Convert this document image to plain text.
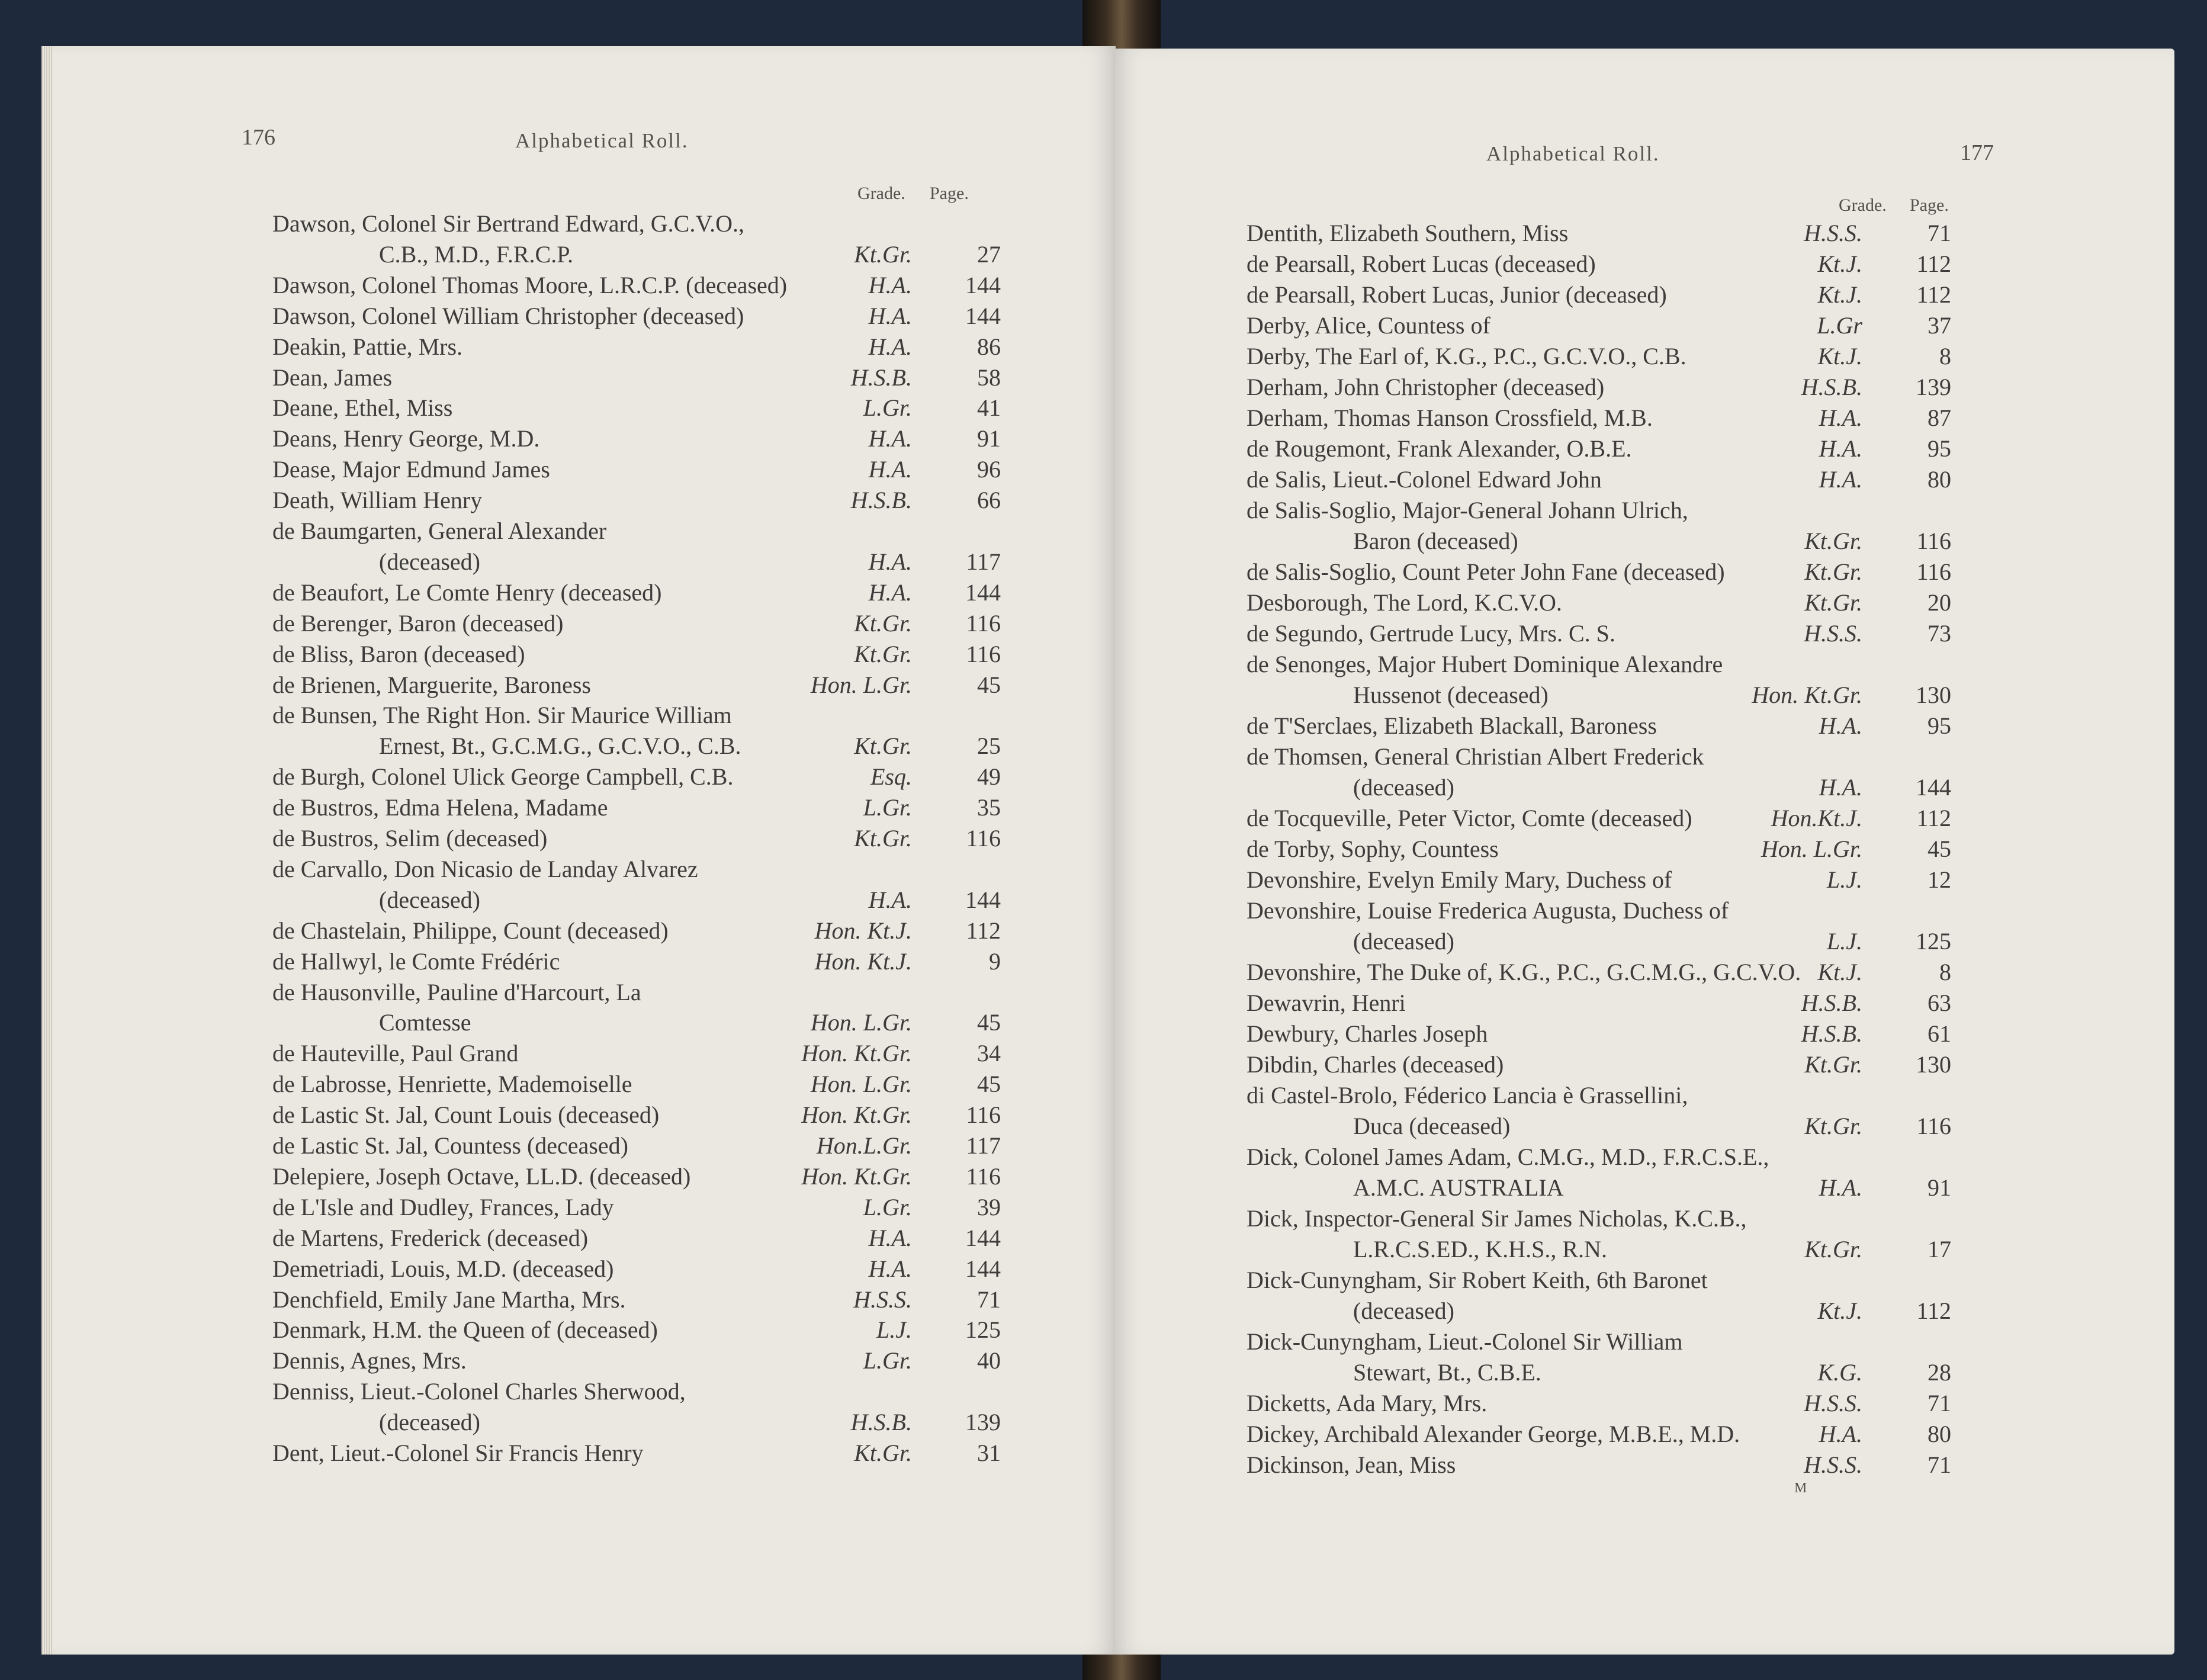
176	Alphabetical Roll.
Grade. Page.
Alphabetical Roll.	177
Grade. Page.
Dawson, Colonel Sir Bertrand Edward, G.C.V.O.,
C.B., M.D., F.R.C.P.	Kt.Gr.	27
Dawson, Colonel Thomas Moore, L.R.C.P. (deceased)	H.A.	144
Dawson, Colonel William Christopher (deceased)	H.A.	144
Deakin, Pattie, Mrs.	H.A.	86
Dean, James	H.S.B.	58
Deane, Ethel, Miss	L.Gr.	41
Deans, Henry George, M.D.	H.A.	91
Dease, Major Edmund James	H.A.	96
Death, William Henry	H.S.B.	66
de Baumgarten, General Alexander
(deceased)	H.A.	117
de Beaufort, Le Comte Henry (deceased)	H.A.	144
de Berenger, Baron (deceased)	Kt.Gr.	116
de Bliss, Baron (deceased)	Kt.Gr.	116
de Brienen, Marguerite, Baroness	Hon. L.Gr.	45
de Bunsen, The Right Hon. Sir Maurice William
Ernest, Bt., G.C.M.G., G.C.V.O., C.B.	Kt.Gr.	25
de Burgh, Colonel Ulick George Campbell, C.B.	Esq.	49
de Bustros, Edma Helena, Madame	L.Gr.	35
de Bustros, Selim (deceased)	Kt.Gr.	116
de Carvallo, Don Nicasio de Landay Alvarez
(deceased)	H.A.	144
de Chastelain, Philippe, Count (deceased)	Hon. Kt.J.	112
de Hallwyl, le Comte Frédéric	Hon. Kt.J.	9
de Hausonville, Pauline d'Harcourt, La
Comtesse	Hon. L.Gr.	45
de Hauteville, Paul Grand	Hon. Kt.Gr.	34
de Labrosse, Henriette, Mademoiselle	Hon. L.Gr.	45
de Lastic St. Jal, Count Louis (deceased)	Hon. Kt.Gr.	116
de Lastic St. Jal, Countess (deceased)	Hon.L.Gr.	117
Delepiere, Joseph Octave, LL.D. (deceased)	Hon. Kt.Gr.	116
de L'Isle and Dudley, Frances, Lady	L.Gr.	39
de Martens, Frederick (deceased)	H.A.	144
Demetriadi, Louis, M.D. (deceased)	H.A.	144
Denchfield, Emily Jane Martha, Mrs.	H.S.S.	71
Denmark, H.M. the Queen of (deceased)	L.J.	125
Dennis, Agnes, Mrs.	L.Gr.	40
Denniss, Lieut.-Colonel Charles Sherwood,
(deceased)	H.S.B.	139
Dent, Lieut.-Colonel Sir Francis Henry	Kt.Gr.	31
Dentith, Elizabeth Southern, Miss	H.S.S.	71
de Pearsall, Robert Lucas (deceased)	Kt.J.	112
de Pearsall, Robert Lucas, Junior (deceased)	Kt.J.	112
Derby, Alice, Countess of	L.Gr	37
Derby, The Earl of, K.G., P.C., G.C.V.O., C.B.	Kt.J.	8
Derham, John Christopher (deceased)	H.S.B.	139
Derham, Thomas Hanson Crossfield, M.B.	H.A.	87
de Rougemont, Frank Alexander, O.B.E.	H.A.	95
de Salis, Lieut.-Colonel Edward John	H.A.	80
de Salis-Soglio, Major-General Johann Ulrich,
Baron (deceased)	Kt.Gr.	116
de Salis-Soglio, Count Peter John Fane (deceased)	Kt.Gr.	116
Desborough, The Lord, K.C.V.O.	Kt.Gr.	20
de Segundo, Gertrude Lucy, Mrs. C. S.	H.S.S.	73
de Senonges, Major Hubert Dominique Alexandre
Hussenot (deceased)	Hon. Kt.Gr.	130
de T'Serclaes, Elizabeth Blackall, Baroness	H.A.	95
de Thomsen, General Christian Albert Frederick
(deceased)	H.A.	144
de Tocqueville, Peter Victor, Comte (deceased)	Hon.Kt.J.	112
de Torby, Sophy, Countess	Hon. L.Gr.	45
Devonshire, Evelyn Emily Mary, Duchess of	L.J.	12
Devonshire, Louise Frederica Augusta, Duchess of
(deceased)	L.J.	125
Devonshire, The Duke of, K.G., P.C., G.C.M.G., G.C.V.O. Kt.J.	8
Dewavrin, Henri	H.S.B.	63
Dewbury, Charles Joseph	H.S.B.	61
Dibdin, Charles (deceased)	Kt.Gr.	130
di Castel-Brolo, Féderico Lancia è Grassellini,
Duca (deceased)	Kt.Gr.	116
Dick, Colonel James Adam, C.M.G., M.D., F.R.C.S.E.,
A.M.C. AUSTRALIA	H.A.	91
Dick, Inspector-General Sir James Nicholas, K.C.B.,
L.R.C.S.ED., K.H.S., R.N.	Kt.Gr.	17
Dick-Cunyngham, Sir Robert Keith, 6th Baronet
(deceased)	Kt.J.	112
Dick-Cunyngham, Lieut.-Colonel Sir William
Stewart, Bt., C.B.E.	K.G.	28
Dicketts, Ada Mary, Mrs.	H.S.S.	71
Dickey, Archibald Alexander George, M.B.E., M.D.	H.A.	80
Dickinson, Jean, Miss	H.S.S.	71
M
